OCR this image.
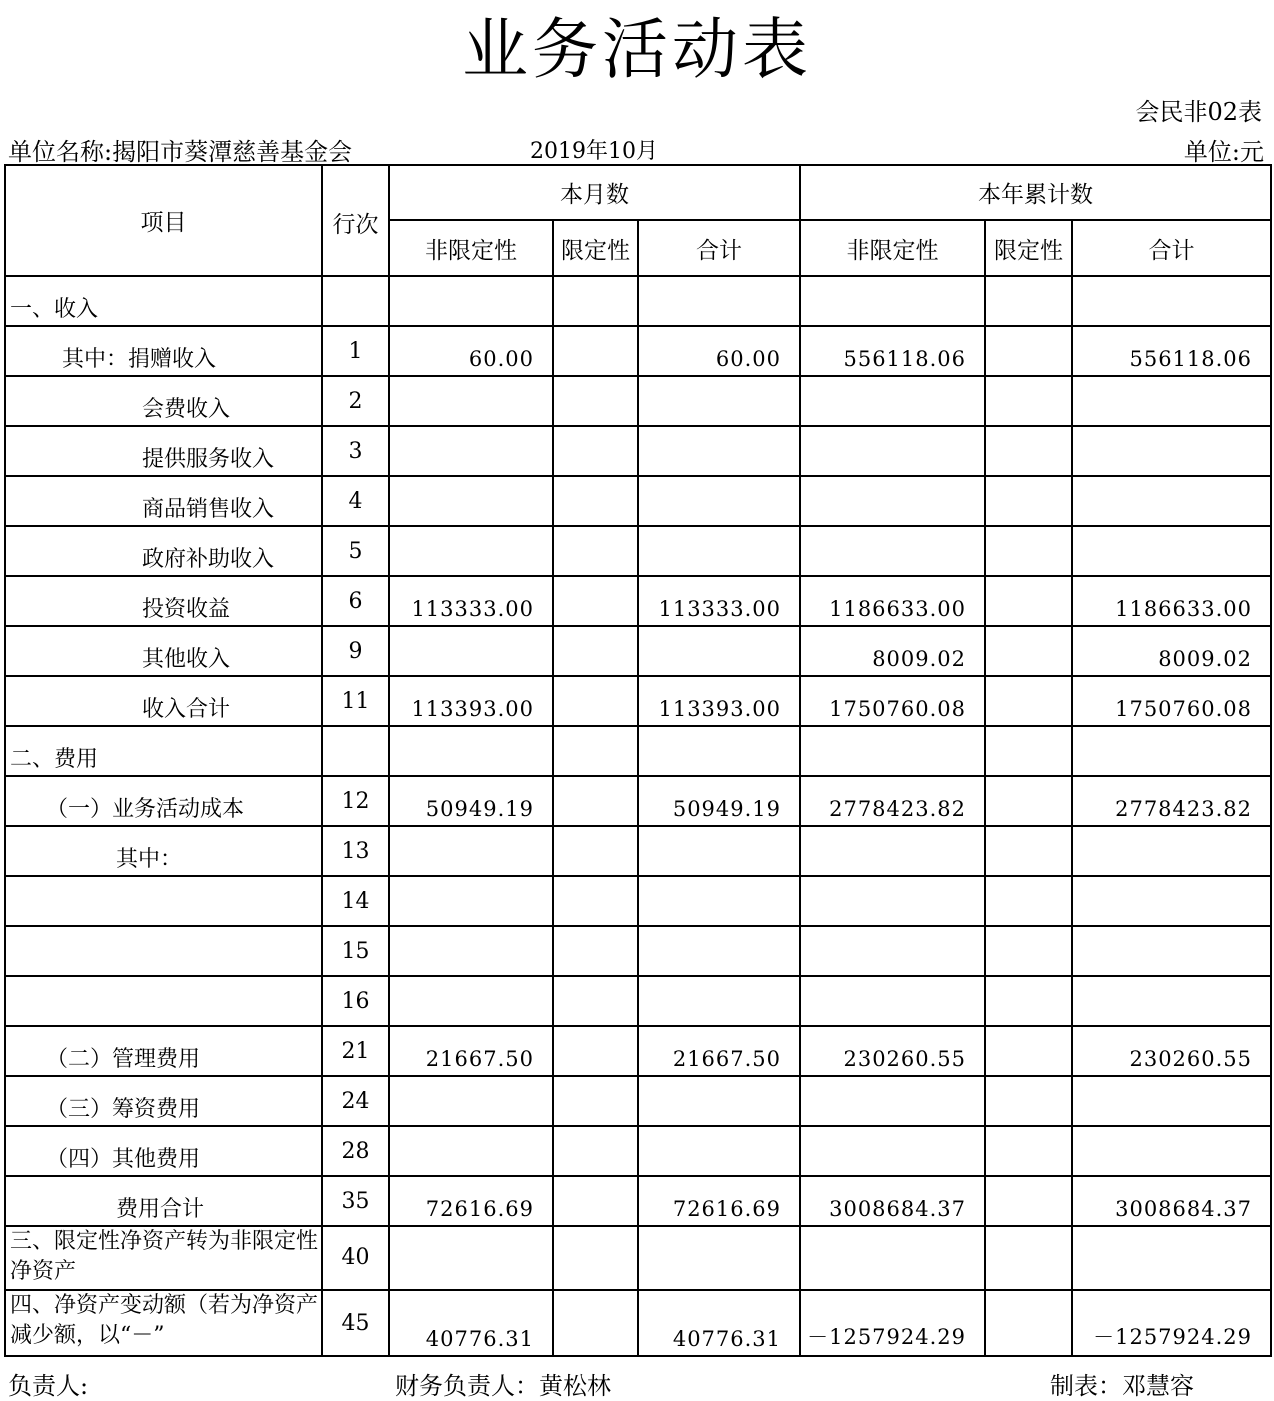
业务活动表
会民非02表
单位名称:揭阳市葵潭慈善基金会	2019年10月	单位:元
项目	行次	本月数			本年累计数		
		非限定性	限定性	合计	非限定性	限定性	合计
一、收入							
其中：捐赠收入	1	60.00		60.00	556118.06		556118.06
会费收入	2						
提供服务收入	3						
商品销售收入	4						
政府补助收入	5						
投资收益	6	113333.00		113333.00	1186633.00		1186633.00
其他收入	9				8009.02		8009.02
收入合计	11	113393.00		113393.00	1750760.08		1750760.08
二、费用							
（一）业务活动成本	12	50949.19		50949.19	2778423.82		2778423.82
其中：	13						
	14						
	15						
	16						
（二）管理费用	21	21667.50		21667.50	230260.55		230260.55
（三）筹资费用	24						
（四）其他费用	28						
费用合计	35	72616.69		72616.69	3008684.37		3008684.37
三、限定性净资产转为非限定性净资产	40						
四、净资产变动额（若为净资产减少额，以“－”	45	40776.31		40776.31	－1257924.29		－1257924.29
负责人:	财务负责人：黄松林	制表：邓慧容
